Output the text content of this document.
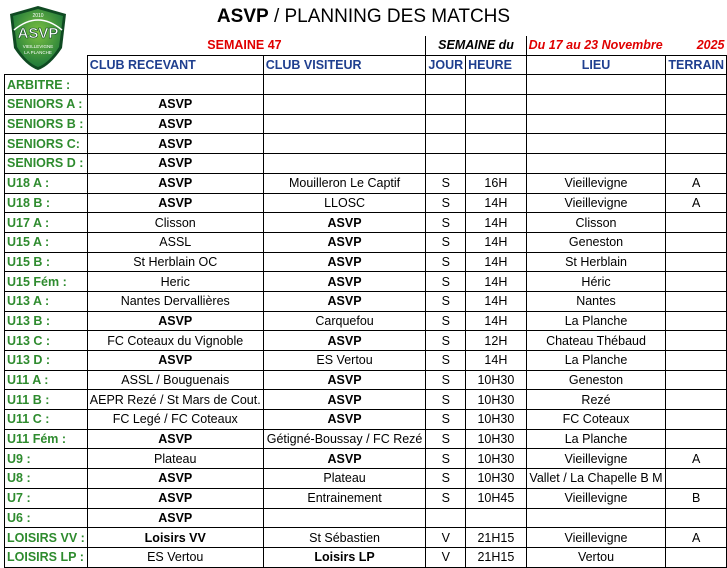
2010
ASVP
VIEILLEVIGNE
LA PLANCHE
ASVP / PLANNING DES MATCHS
	SEMAINE 47		SEMAINE du		Du 17 au 23 Novembre 2025	

	CLUB RECEVANT	CLUB VISITEUR	JOUR	HEURE	LIEU	TERRAIN
ARBITRE :						
SENIORS A :	ASVP					
SENIORS B :	ASVP					
SENIORS C:	ASVP					
SENIORS D :	ASVP					
U18 A :	ASVP	Mouilleron Le Captif	S	16H	Vieillevigne	A
U18 B :	ASVP	LLOSC	S	14H	Vieillevigne	A
U17 A :	Clisson	ASVP	S	14H	Clisson	
U15 A :	ASSL	ASVP	S	14H	Geneston	
U15 B :	St Herblain OC	ASVP	S	14H	St Herblain	
U15 Fém :	Heric	ASVP	S	14H	Héric	
U13 A :	Nantes Dervallières	ASVP	S	14H	Nantes	
U13 B :	ASVP	Carquefou	S	14H	La Planche	
U13 C :	FC Coteaux du Vignoble	ASVP	S	12H	Chateau Thébaud	
U13 D :	ASVP	ES Vertou	S	14H	La Planche	
U11 A :	ASSL / Bouguenais	ASVP	S	10H30	Geneston	
U11 B :	AEPR Rezé / St Mars de Cout.	ASVP	S	10H30	Rezé	
U11 C :	FC Legé / FC Coteaux	ASVP	S	10H30	FC Coteaux	
U11 Fém :	ASVP	Gétigné-Boussay / FC Rezé	S	10H30	La Planche	
U9 :	Plateau	ASVP	S	10H30	Vieillevigne	A
U8 :	ASVP	Plateau	S	10H30	Vallet / La Chapelle B M	
U7 :	ASVP	Entrainement	S	10H45	Vieillevigne	B
U6 :	ASVP					
LOISIRS VV :	Loisirs VV	St Sébastien	V	21H15	Vieillevigne	A
LOISIRS LP :	ES Vertou	Loisirs LP	V	21H15	Vertou	
